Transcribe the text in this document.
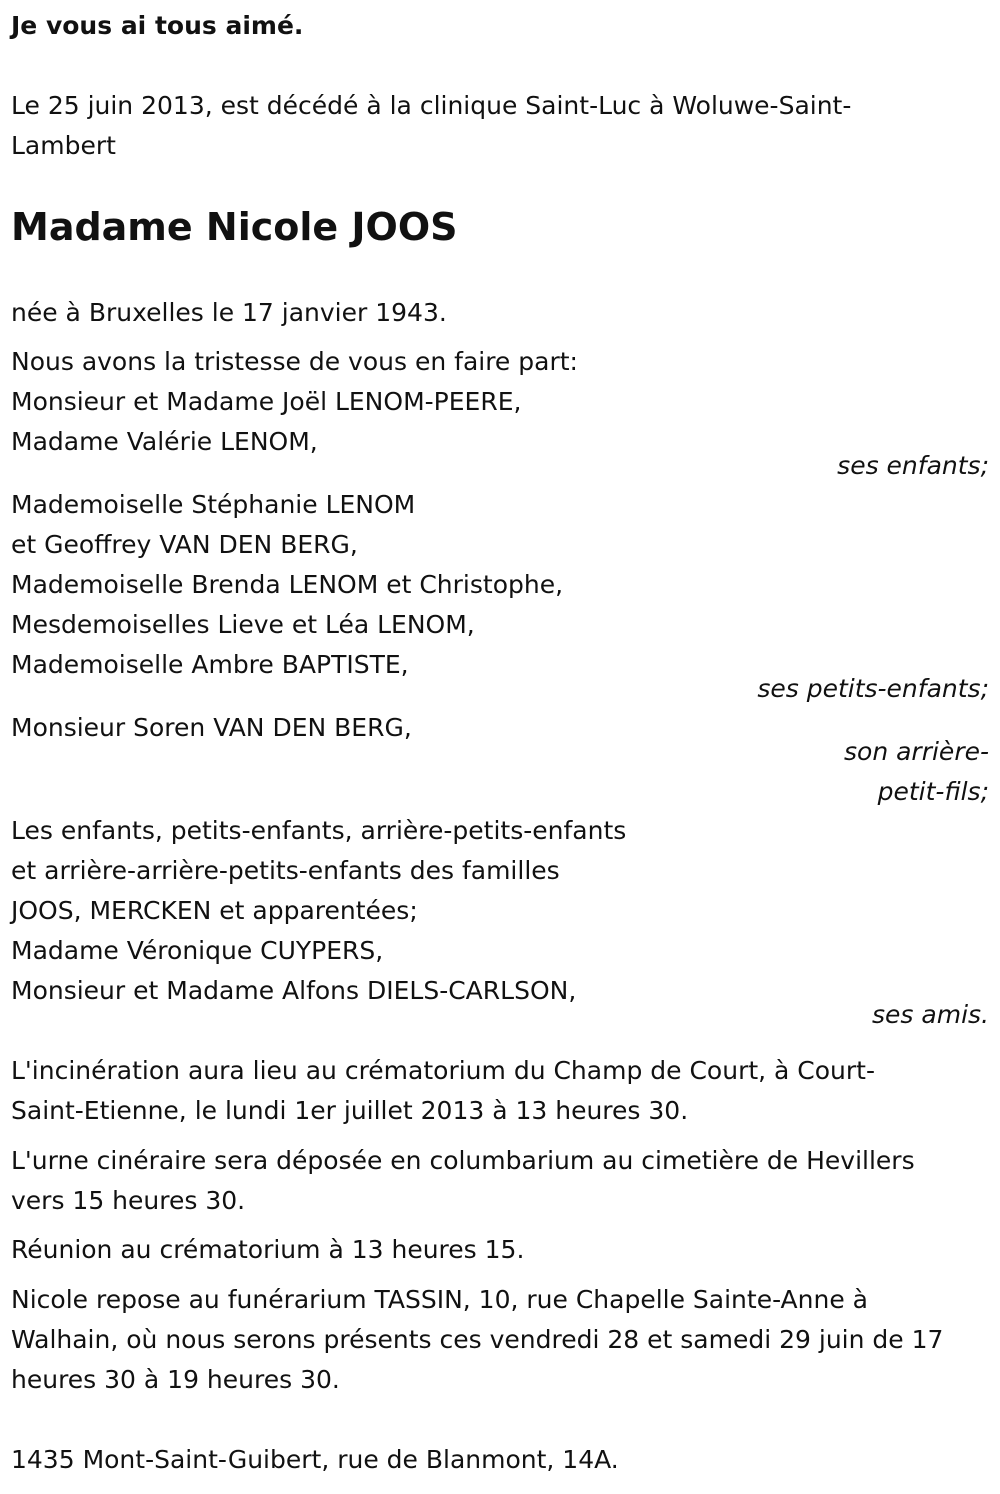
Je vous ai tous aimé.

Le 25 juin 2013, est décédé à la clinique Saint-Luc à Woluwe-Saint-
Lambert
Madame Nicole JOOS

née à Bruxelles le 17 janvier 1943.

Nous avons la tristesse de vous en faire part:
Monsieur et Madame Joël LENOM-PEERE,
Madame Valérie LENOM,

ses enfants;

Mademoiselle Stéphanie LENOM
et Geoffrey VAN DEN BERG,
Mademoiselle Brenda LENOM et Christophe,
Mesdemoiselles Lieve et Léa LENOM,
Mademoiselle Ambre BAPTISTE,

ses petits-enfants;

Monsieur Soren VAN DEN BERG,

son arrière-
petit-fils;
Les enfants, petits-enfants, arrière-petits-enfants
et arrière-arrière-petits-enfants des familles
JOOS, MERCKEN et apparentées;
Madame Véronique CUYPERS,
Monsieur et Madame Alfons DIELS-CARLSON,

ses amis.

L'incinération aura lieu au crématorium du Champ de Court, à Court-
Saint-Etienne, le lundi 1er juillet 2013 à 13 heures 30.
L'urne cinéraire sera déposée en columbarium au cimetière de Hevillers
vers 15 heures 30.

Réunion au crématorium à 13 heures 15.

Nicole repose au funérarium TASSIN, 10, rue Chapelle Sainte-Anne à
Walhain, où nous serons présents ces vendredi 28 et samedi 29 juin de 17
heures 30 à 19 heures 30.

1435 Mont-Saint-Guibert, rue de Blanmont, 14A.
